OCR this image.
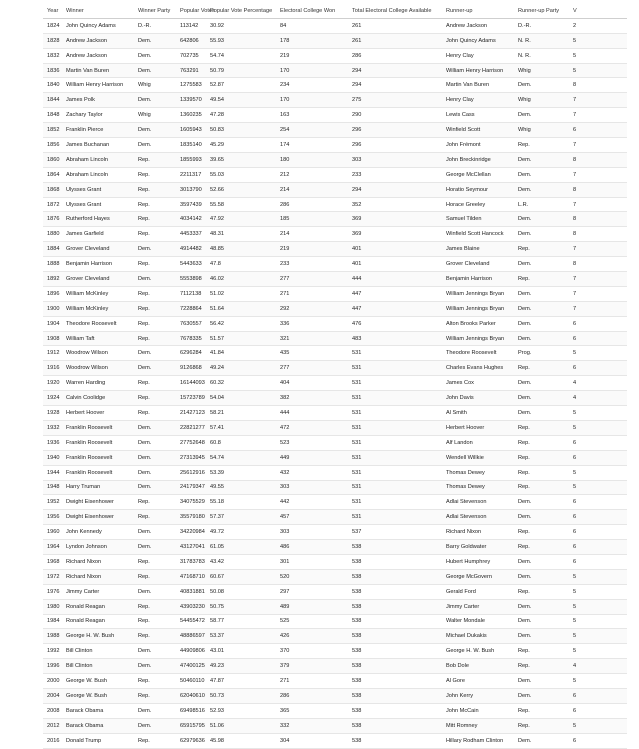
Year	Winner	Winner Party	Popular Votes	Popular Vote Percentage	Electoral College Won	Total Electoral College Available	Runner-up	Runner-up Party	V
1824	John Quincy Adams	D.-R.	113142	30.92	84	261	Andrew Jackson	D.-R.	2
1828	Andrew Jackson	Dem.	642806	55.93	178	261	John Quincy Adams	N. R.	5
1832	Andrew Jackson	Dem.	702735	54.74	219	286	Henry Clay	N. R.	5
1836	Martin Van Buren	Dem.	763291	50.79	170	294	William Henry Harrison	Whig	5
1840	William Henry Harrison	Whig	1275583	52.87	234	294	Martin Van Buren	Dem.	8
1844	James Polk	Dem.	1339570	49.54	170	275	Henry Clay	Whig	7
1848	Zachary Taylor	Whig	1360235	47.28	163	290	Lewis Cass	Dem.	7
1852	Franklin Pierce	Dem.	1605943	50.83	254	296	Winfield Scott	Whig	6
1856	James Buchanan	Dem.	1835140	45.29	174	296	John Frémont	Rep.	7
1860	Abraham Lincoln	Rep.	1855993	39.65	180	303	John Breckinridge	Dem.	8
1864	Abraham Lincoln	Rep.	2211317	55.03	212	233	George McClellan	Dem.	7
1868	Ulysses Grant	Rep.	3013790	52.66	214	294	Horatio Seymour	Dem.	8
1872	Ulysses Grant	Rep.	3597439	55.58	286	352	Horace Greeley	L.R.	7
1876	Rutherford Hayes	Rep.	4034142	47.92	185	369	Samuel Tilden	Dem.	8
1880	James Garfield	Rep.	4453337	48.31	214	369	Winfield Scott Hancock	Dem.	8
1884	Grover Cleveland	Dem.	4914482	48.85	219	401	James Blaine	Rep.	7
1888	Benjamin Harrison	Rep.	5443633	47.8	233	401	Grover Cleveland	Dem.	8
1892	Grover Cleveland	Dem.	5553898	46.02	277	444	Benjamin Harrison	Rep.	7
1896	William McKinley	Rep.	7112138	51.02	271	447	William Jennings Bryan	Dem.	7
1900	William McKinley	Rep.	7228864	51.64	292	447	William Jennings Bryan	Dem.	7
1904	Theodore Roosevelt	Rep.	7630557	56.42	336	476	Alton Brooks Parker	Dem.	6
1908	William Taft	Rep.	7678335	51.57	321	483	William Jennings Bryan	Dem.	6
1912	Woodrow Wilson	Dem.	6296284	41.84	435	531	Theodore Roosevelt	Prog.	5
1916	Woodrow Wilson	Dem.	9126868	49.24	277	531	Charles Evans Hughes	Rep.	6
1920	Warren Harding	Rep.	16144093	60.32	404	531	James Cox	Dem.	4
1924	Calvin Coolidge	Rep.	15723789	54.04	382	531	John Davis	Dem.	4
1928	Herbert Hoover	Rep.	21427123	58.21	444	531	Al Smith	Dem.	5
1932	Franklin Roosevelt	Dem.	22821277	57.41	472	531	Herbert Hoover	Rep.	5
1936	Franklin Roosevelt	Dem.	27752648	60.8	523	531	Alf Landon	Rep.	6
1940	Franklin Roosevelt	Dem.	27313945	54.74	449	531	Wendell Willkie	Rep.	6
1944	Franklin Roosevelt	Dem.	25612916	53.39	432	531	Thomas Dewey	Rep.	5
1948	Harry Truman	Dem.	24179347	49.55	303	531	Thomas Dewey	Rep.	5
1952	Dwight Eisenhower	Rep.	34075529	55.18	442	531	Adlai Stevenson	Dem.	6
1956	Dwight Eisenhower	Rep.	35579180	57.37	457	531	Adlai Stevenson	Dem.	6
1960	John Kennedy	Dem.	34220984	49.72	303	537	Richard Nixon	Rep.	6
1964	Lyndon Johnson	Dem.	43127041	61.05	486	538	Barry Goldwater	Rep.	6
1968	Richard Nixon	Rep.	31783783	43.42	301	538	Hubert Humphrey	Dem.	6
1972	Richard Nixon	Rep.	47168710	60.67	520	538	George McGovern	Dem.	5
1976	Jimmy Carter	Dem.	40831881	50.08	297	538	Gerald Ford	Rep.	5
1980	Ronald Reagan	Rep.	43903230	50.75	489	538	Jimmy Carter	Dem.	5
1984	Ronald Reagan	Rep.	54455472	58.77	525	538	Walter Mondale	Dem.	5
1988	George H. W. Bush	Rep.	48886597	53.37	426	538	Michael Dukakis	Dem.	5
1992	Bill Clinton	Dem.	44909806	43.01	370	538	George H. W. Bush	Rep.	5
1996	Bill Clinton	Dem.	47400125	49.23	379	538	Bob Dole	Rep.	4
2000	George W. Bush	Rep.	50460110	47.87	271	538	Al Gore	Dem.	5
2004	George W. Bush	Rep.	62040610	50.73	286	538	John Kerry	Dem.	6
2008	Barack Obama	Dem.	69498516	52.93	365	538	John McCain	Rep.	6
2012	Barack Obama	Dem.	65915795	51.06	332	538	Mitt Romney	Rep.	5
2016	Donald Trump	Rep.	62979636	45.98	304	538	Hillary Rodham Clinton	Dem.	6
